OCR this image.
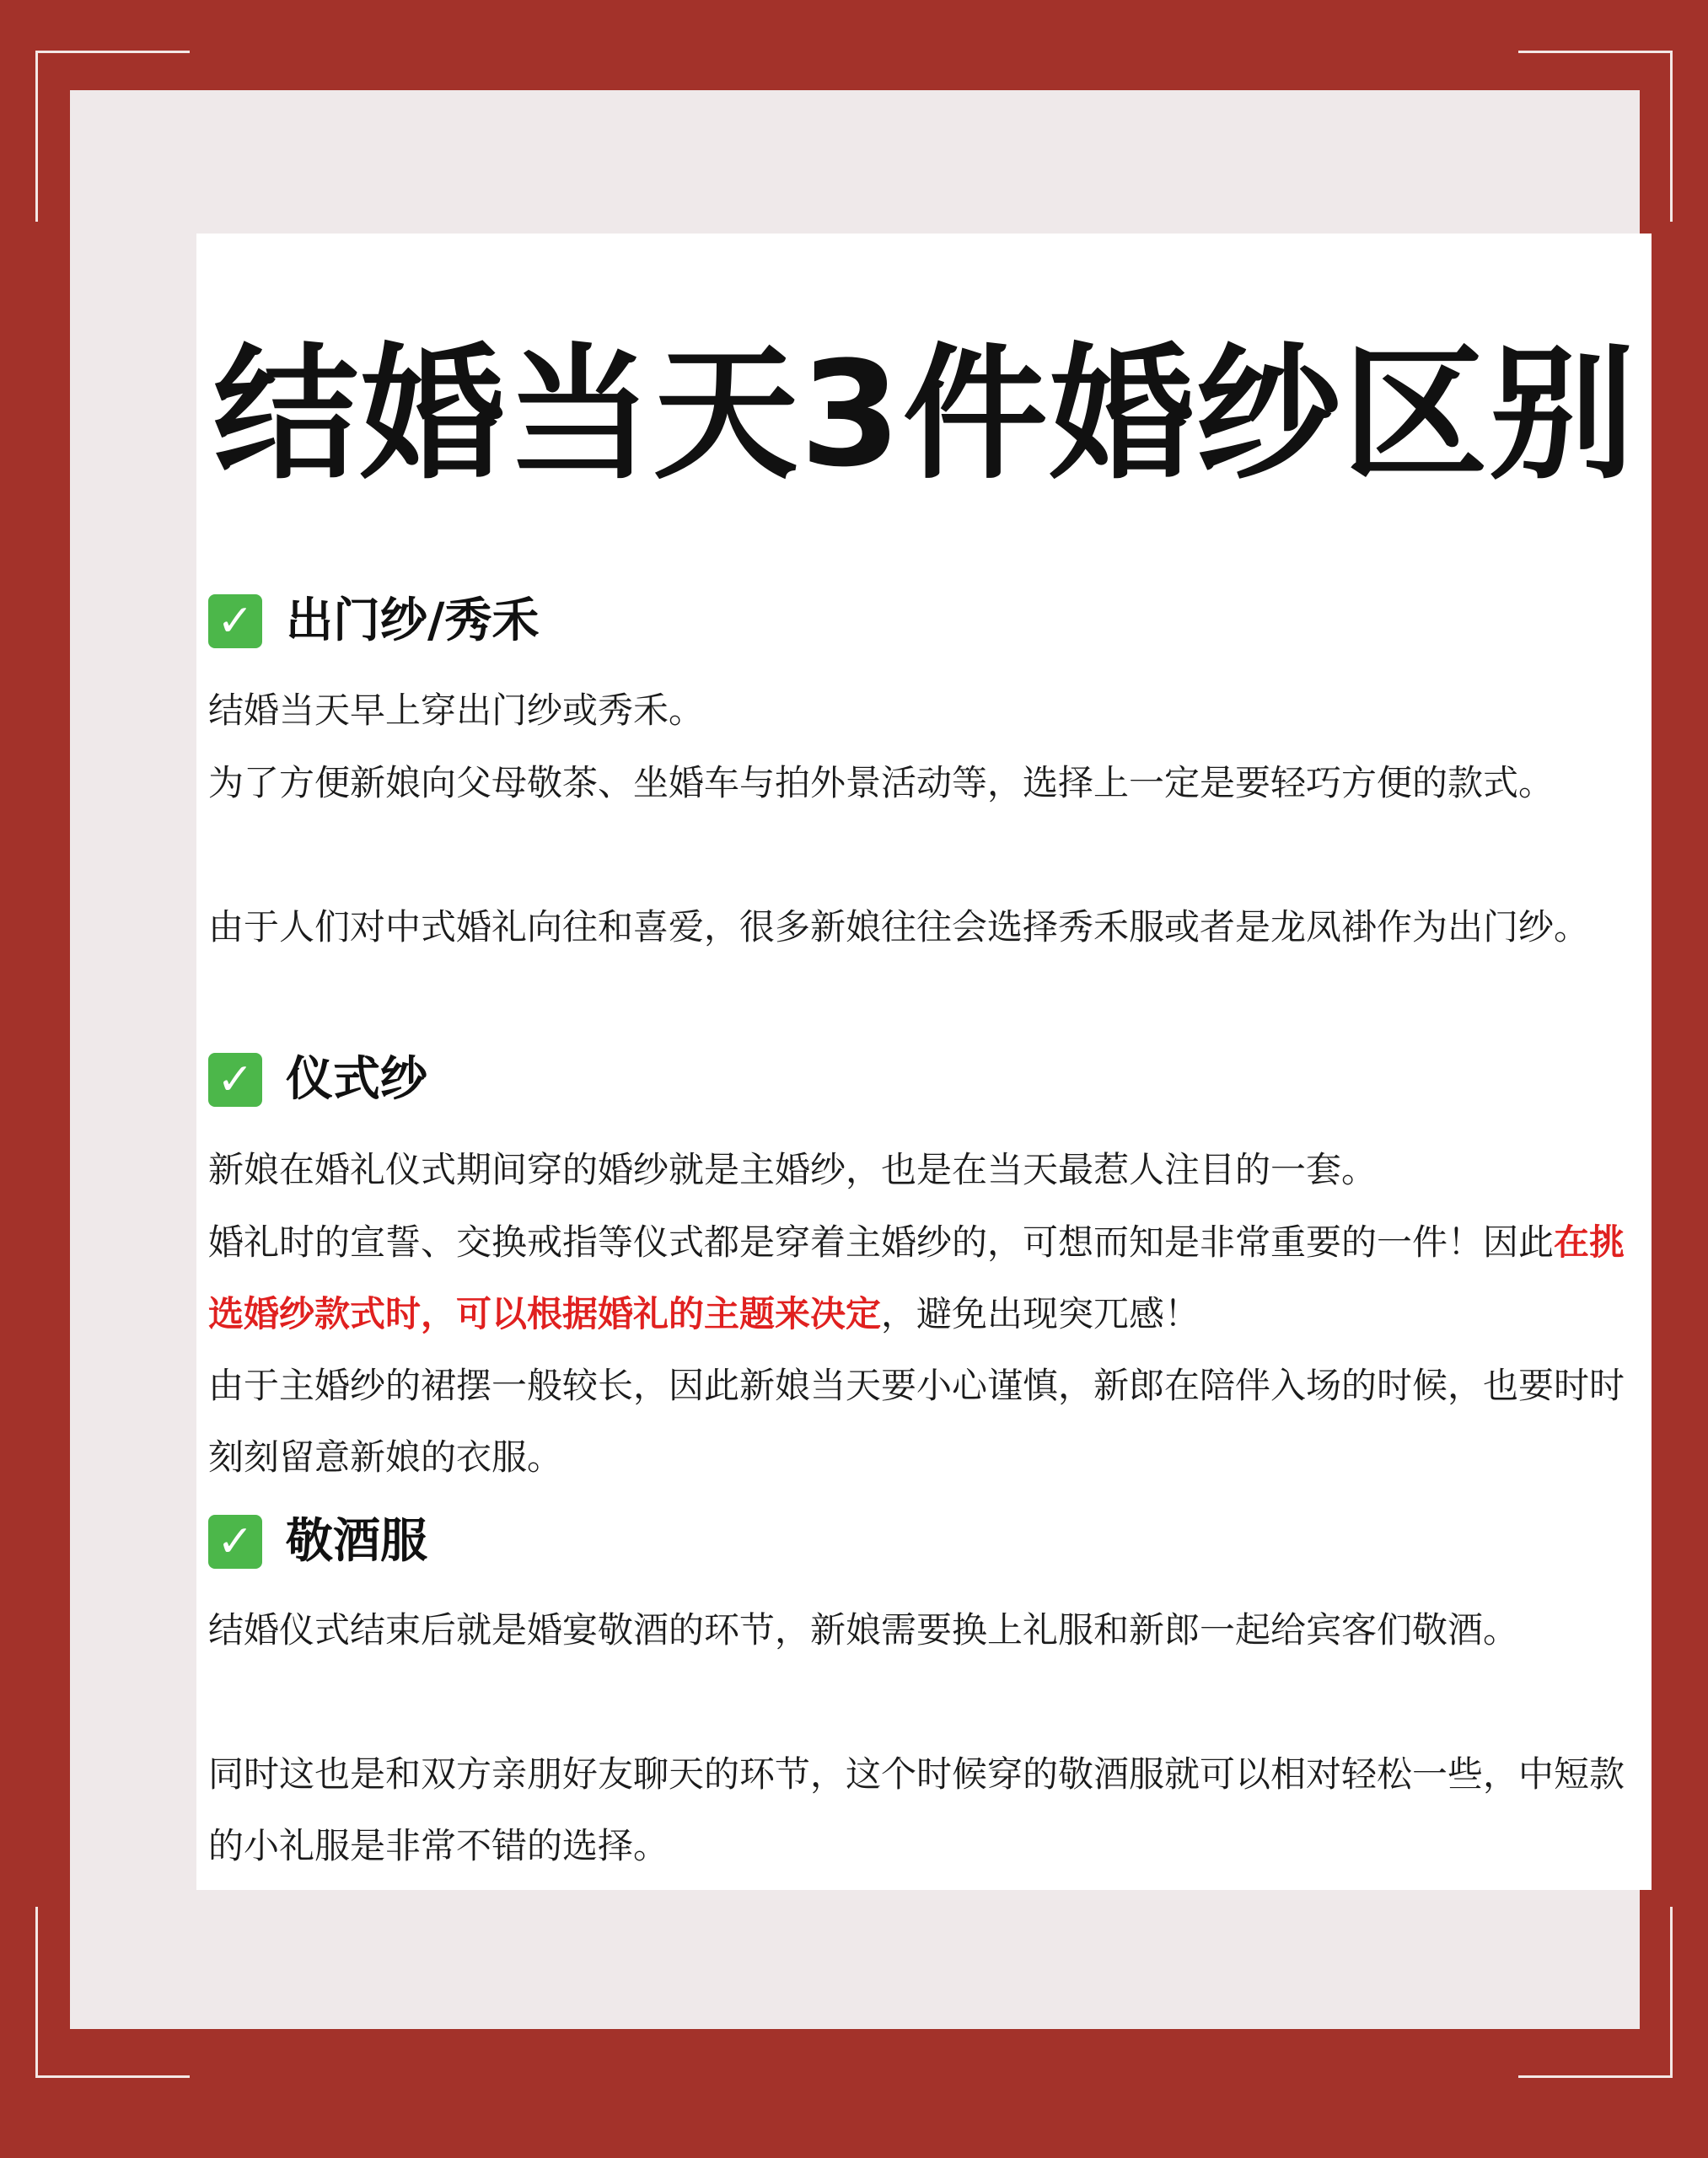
结婚当天3件婚纱区别
✓ 出门纱/秀禾

结婚当天早上穿出门纱或秀禾。

为了方便新娘向父母敬茶、坐婚车与拍外景活动等，选择上一定是要轻巧方便的款式。

由于人们对中式婚礼向往和喜爱，很多新娘往往会选择秀禾服或者是龙凤褂作为出门纱。

✓ 仪式纱

新娘在婚礼仪式期间穿的婚纱就是主婚纱，也是在当天最惹人注目的一套。

婚礼时的宣誓、交换戒指等仪式都是穿着主婚纱的，可想而知是非常重要的一件！因此在挑选婚纱款式时，可以根据婚礼的主题来决定，避免出现突兀感！

由于主婚纱的裙摆一般较长，因此新娘当天要小心谨慎，新郎在陪伴入场的时候，也要时时刻刻留意新娘的衣服。

✓ 敬酒服

结婚仪式结束后就是婚宴敬酒的环节，新娘需要换上礼服和新郎一起给宾客们敬酒。

同时这也是和双方亲朋好友聊天的环节，这个时候穿的敬酒服就可以相对轻松一些，中短款的小礼服是非常不错的选择。
